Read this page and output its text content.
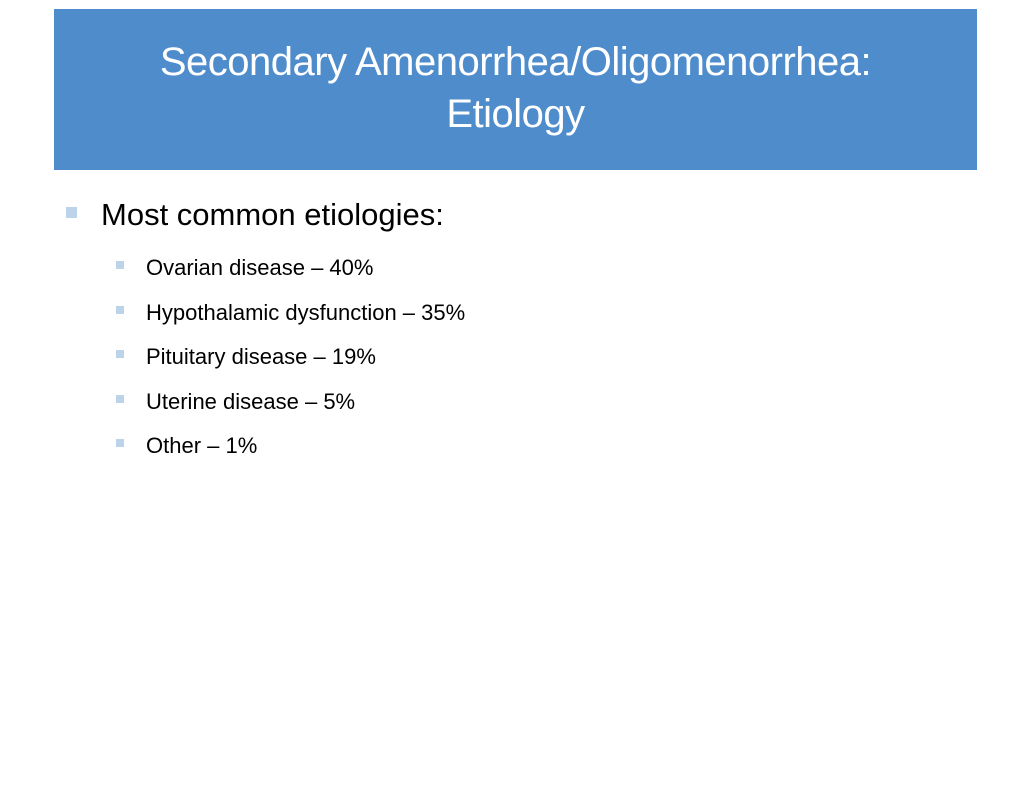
Secondary Amenorrhea/Oligomenorrhea:
Etiology
Most common etiologies:
Ovarian disease – 40%
Hypothalamic dysfunction – 35%
Pituitary disease – 19%
Uterine disease – 5%
Other – 1%
